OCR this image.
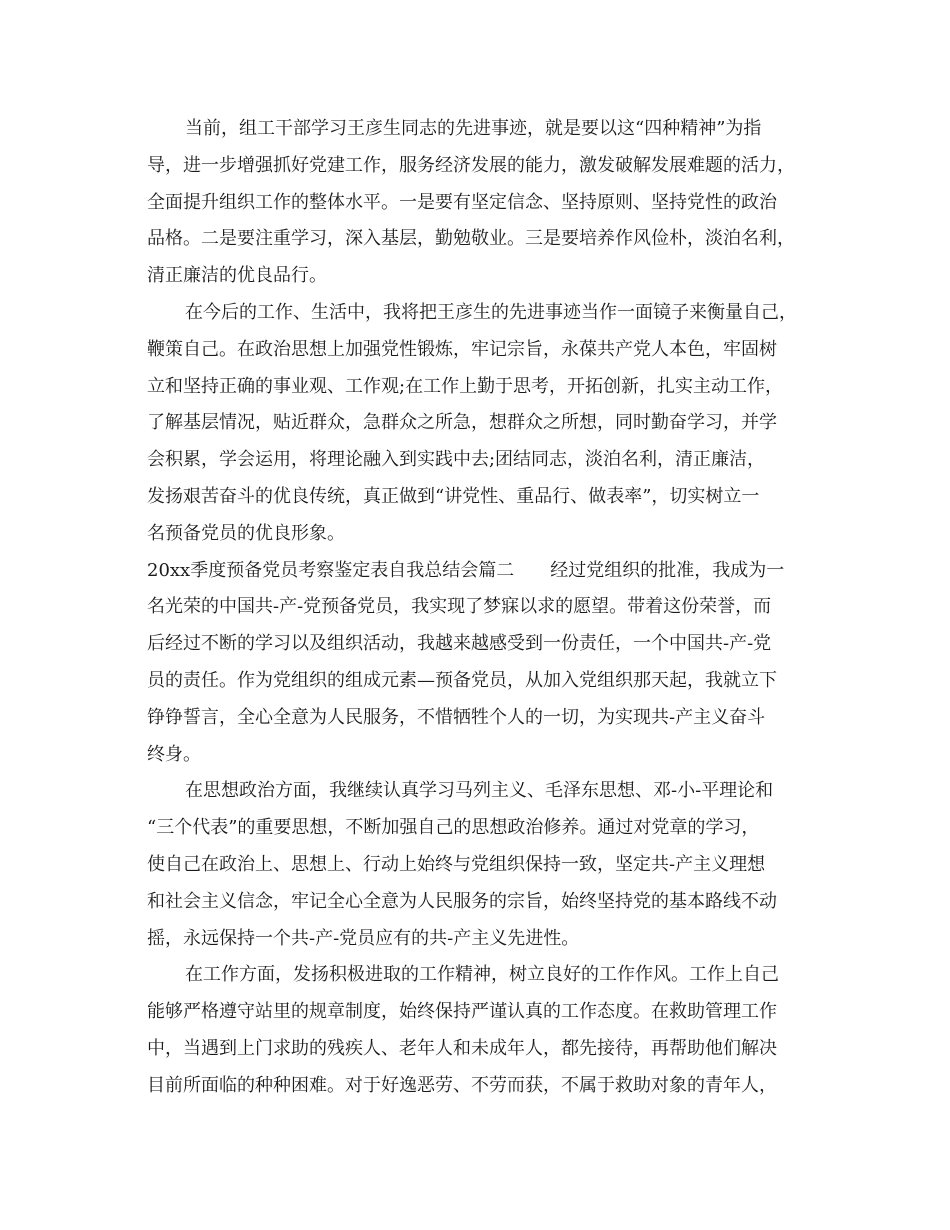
当前，组工干部学习王彦生同志的先进事迹，就是要以这“四种精神”为指
导，进一步增强抓好党建工作，服务经济发展的能力，激发破解发展难题的活力，
全面提升组织工作的整体水平。一是要有坚定信念、坚持原则、坚持党性的政治
品格。二是要注重学习，深入基层，勤勉敬业。三是要培养作风俭朴，淡泊名利，
清正廉洁的优良品行。
在今后的工作、生活中，我将把王彦生的先进事迹当作一面镜子来衡量自己，
鞭策自己。在政治思想上加强党性锻炼，牢记宗旨，永葆共产党人本色，牢固树
立和坚持正确的事业观、工作观;在工作上勤于思考，开拓创新，扎实主动工作，
了解基层情况，贴近群众，急群众之所急，想群众之所想，同时勤奋学习，并学
会积累，学会运用，将理论融入到实践中去;团结同志，淡泊名利，清正廉洁，
发扬艰苦奋斗的优良传统，真正做到“讲党性、重品行、做表率”，切实树立一
名预备党员的优良形象。
20xx季度预备党员考察鉴定表自我总结会篇二　　经过党组织的批准，我成为一
名光荣的中国共-产-党预备党员，我实现了梦寐以求的愿望。带着这份荣誉，而
后经过不断的学习以及组织活动，我越来越感受到一份责任，一个中国共-产-党
员的责任。作为党组织的组成元素—预备党员，从加入党组织那天起，我就立下
铮铮誓言，全心全意为人民服务，不惜牺牲个人的一切，为实现共-产主义奋斗
终身。
在思想政治方面，我继续认真学习马列主义、毛泽东思想、邓-小-平理论和
“三个代表”的重要思想，不断加强自己的思想政治修养。通过对党章的学习，
使自己在政治上、思想上、行动上始终与党组织保持一致，坚定共-产主义理想
和社会主义信念，牢记全心全意为人民服务的宗旨，始终坚持党的基本路线不动
摇，永远保持一个共-产-党员应有的共-产主义先进性。
在工作方面，发扬积极进取的工作精神，树立良好的工作作风。工作上自己
能够严格遵守站里的规章制度，始终保持严谨认真的工作态度。在救助管理工作
中，当遇到上门求助的残疾人、老年人和未成年人，都先接待，再帮助他们解决
目前所面临的种种困难。对于好逸恶劳、不劳而获，不属于救助对象的青年人，
